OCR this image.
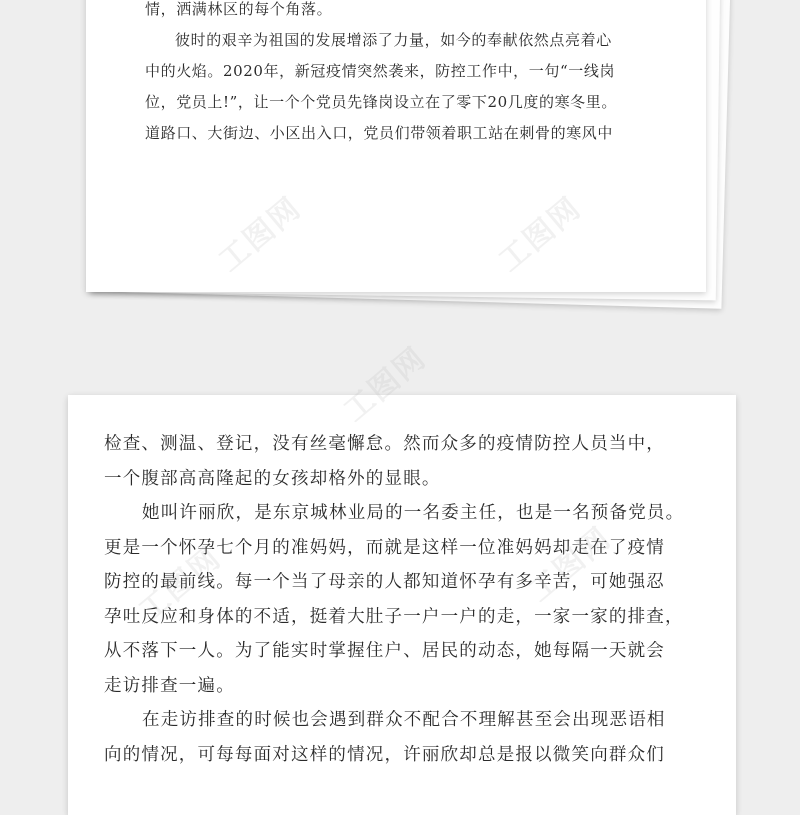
情，洒满林区的每个角落。
彼时的艰辛为祖国的发展增添了力量，如今的奉献依然点亮着心
中的火焰。2020年，新冠疫情突然袭来，防控工作中，一句“一线岗
位，党员上!”，让一个个党员先锋岗设立在了零下20几度的寒冬里。
道路口、大街边、小区出入口，党员们带领着职工站在刺骨的寒风中
检查、测温、登记，没有丝毫懈怠。然而众多的疫情防控人员当中，
一个腹部高高隆起的女孩却格外的显眼。
她叫许丽欣，是东京城林业局的一名委主任，也是一名预备党员。
更是一个怀孕七个月的准妈妈，而就是这样一位准妈妈却走在了疫情
防控的最前线。每一个当了母亲的人都知道怀孕有多辛苦，可她强忍
孕吐反应和身体的不适，挺着大肚子一户一户的走，一家一家的排查，
从不落下一人。为了能实时掌握住户、居民的动态，她每隔一天就会
走访排查一遍。
在走访排查的时候也会遇到群众不配合不理解甚至会出现恶语相
向的情况，可每每面对这样的情况，许丽欣却总是报以微笑向群众们
工图网
